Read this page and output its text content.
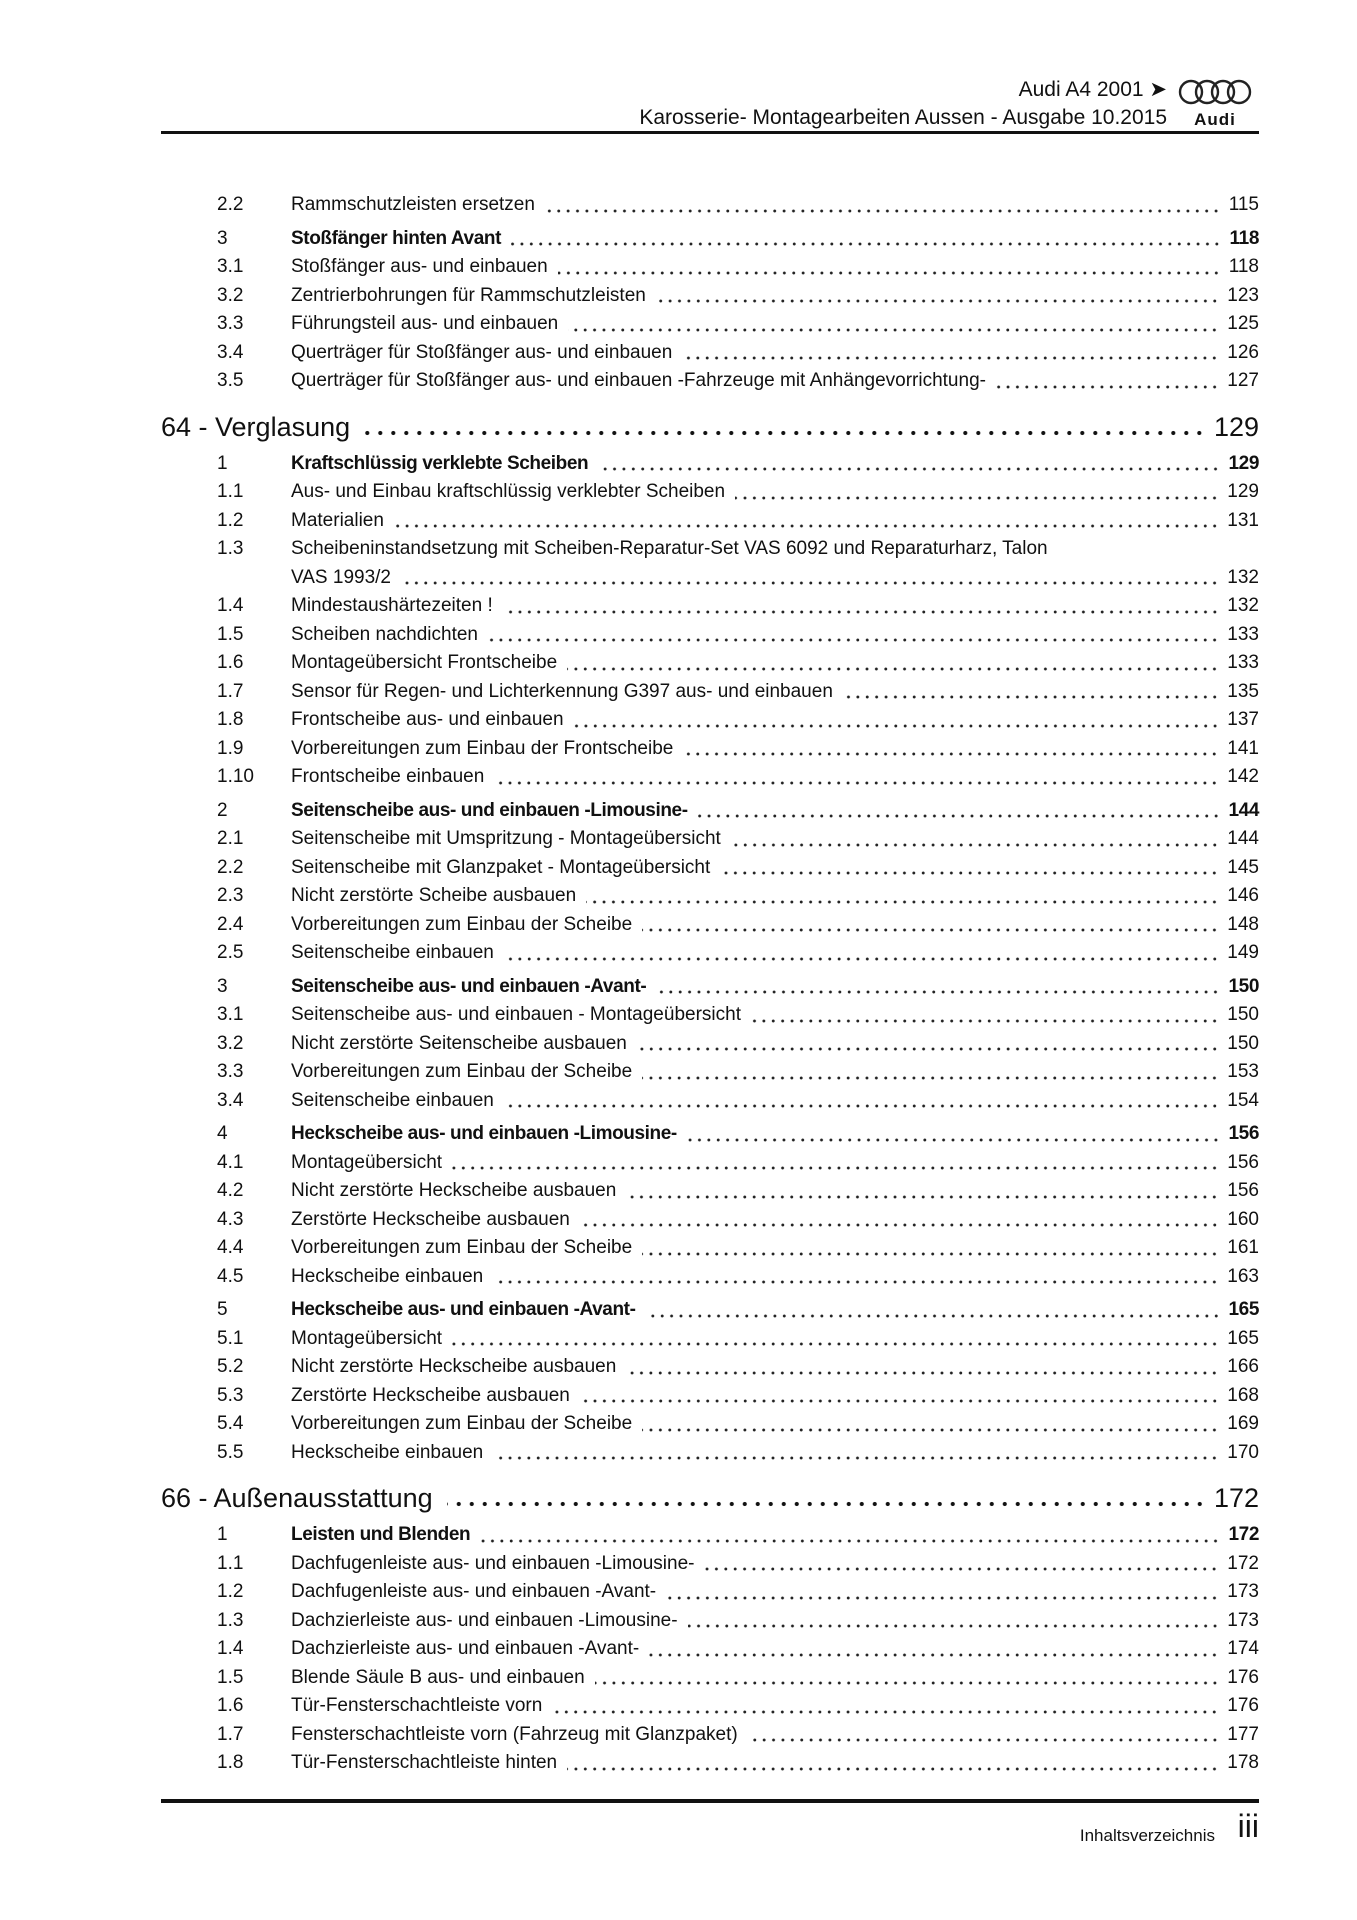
Audi A4 2001 ➤
Karosserie- Montagearbeiten Aussen - Ausgabe 10.2015	Audi
2.2	Rammschutzleisten ersetzen	115
3	Stoßfänger hinten Avant	118
3.1	Stoßfänger aus- und einbauen	118
3.2	Zentrierbohrungen für Rammschutzleisten	123
3.3	Führungsteil aus- und einbauen	125
3.4	Querträger für Stoßfänger aus- und einbauen	126
3.5	Querträger für Stoßfänger aus- und einbauen -Fahrzeuge mit Anhängevorrichtung-	127
64 - Verglasung	129
1	Kraftschlüssig verklebte Scheiben	129
1.1	Aus- und Einbau kraftschlüssig verklebter Scheiben	129
1.2	Materialien	131
1.3	Scheibeninstandsetzung mit Scheiben-Reparatur-Set VAS 6092 und Reparaturharz, Talon
VAS 1993/2	132
1.4	Mindestaushärtezeiten !	132
1.5	Scheiben nachdichten	133
1.6	Montageübersicht Frontscheibe	133
1.7	Sensor für Regen- und Lichterkennung G397 aus- und einbauen	135
1.8	Frontscheibe aus- und einbauen	137
1.9	Vorbereitungen zum Einbau der Frontscheibe	141
1.10	Frontscheibe einbauen	142
2	Seitenscheibe aus- und einbauen -Limousine-	144
2.1	Seitenscheibe mit Umspritzung - Montageübersicht	144
2.2	Seitenscheibe mit Glanzpaket - Montageübersicht	145
2.3	Nicht zerstörte Scheibe ausbauen	146
2.4	Vorbereitungen zum Einbau der Scheibe	148
2.5	Seitenscheibe einbauen	149
3	Seitenscheibe aus- und einbauen -Avant-	150
3.1	Seitenscheibe aus- und einbauen - Montageübersicht	150
3.2	Nicht zerstörte Seitenscheibe ausbauen	150
3.3	Vorbereitungen zum Einbau der Scheibe	153
3.4	Seitenscheibe einbauen	154
4	Heckscheibe aus- und einbauen -Limousine-	156
4.1	Montageübersicht	156
4.2	Nicht zerstörte Heckscheibe ausbauen	156
4.3	Zerstörte Heckscheibe ausbauen	160
4.4	Vorbereitungen zum Einbau der Scheibe	161
4.5	Heckscheibe einbauen	163
5	Heckscheibe aus- und einbauen -Avant-	165
5.1	Montageübersicht	165
5.2	Nicht zerstörte Heckscheibe ausbauen	166
5.3	Zerstörte Heckscheibe ausbauen	168
5.4	Vorbereitungen zum Einbau der Scheibe	169
5.5	Heckscheibe einbauen	170
66 - Außenausstattung	172
1	Leisten und Blenden	172
1.1	Dachfugenleiste aus- und einbauen -Limousine-	172
1.2	Dachfugenleiste aus- und einbauen -Avant-	173
1.3	Dachzierleiste aus- und einbauen -Limousine-	173
1.4	Dachzierleiste aus- und einbauen -Avant-	174
1.5	Blende Säule B aus- und einbauen	176
1.6	Tür-Fensterschachtleiste vorn	176
1.7	Fensterschachtleiste vorn (Fahrzeug mit Glanzpaket)	177
1.8	Tür-Fensterschachtleiste hinten	178
Inhaltsverzeichnis iii
